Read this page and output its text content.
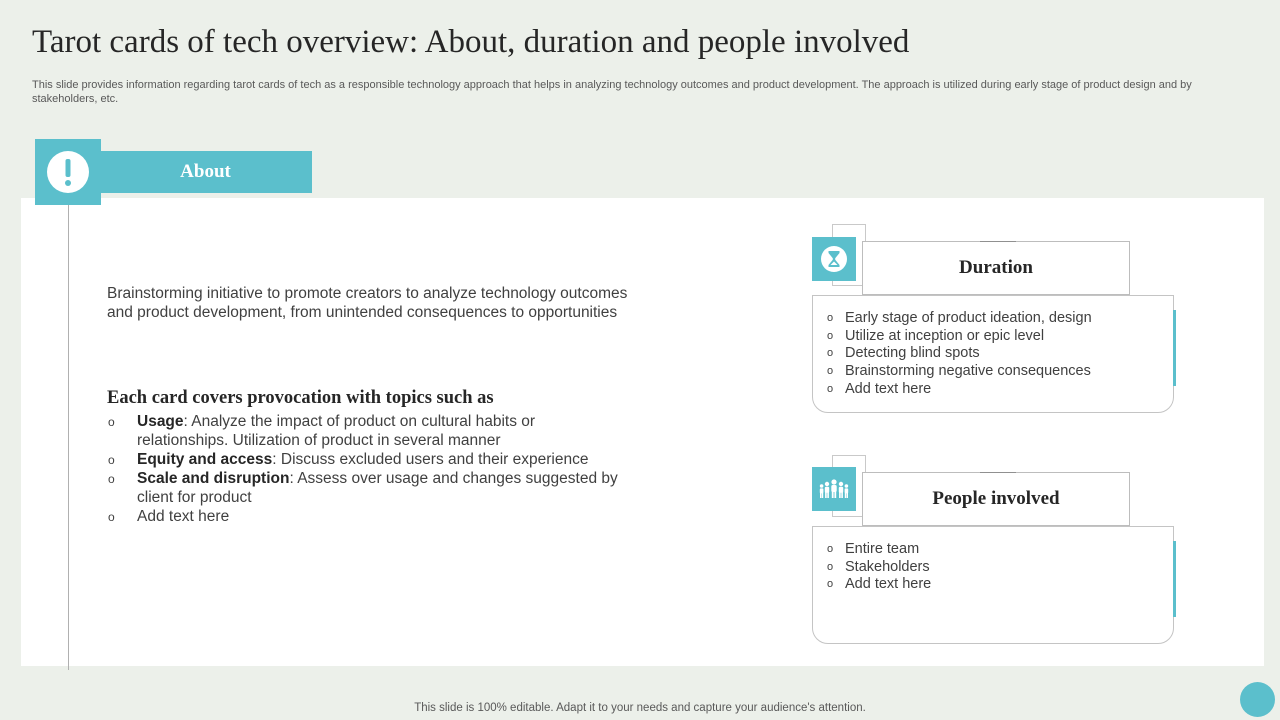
Tarot cards of tech overview: About, duration and people involved

This slide provides information regarding tarot cards of tech as a responsible technology approach that helps in analyzing technology outcomes and product development. The approach is utilized during early stage of product design and by stakeholders, etc.

About

Brainstorming initiative to promote creators to analyze technology outcomes and product development, from unintended consequences to opportunities

Each card covers provocation with topics such as
o Usage: Analyze the impact of product on cultural habits or relationships. Utilization of product in several manner
o Equity and access: Discuss excluded users and their experience
o Scale and disruption: Assess over usage and changes suggested by client for product
o Add text here
Duration
o Early stage of product ideation, design
o Utilize at inception or epic level
o Detecting blind spots
o Brainstorming negative consequences
o Add text here
People involved
o Entire team
o Stakeholders
o Add text here
This slide is 100% editable. Adapt it to your needs and capture your audience's attention.
